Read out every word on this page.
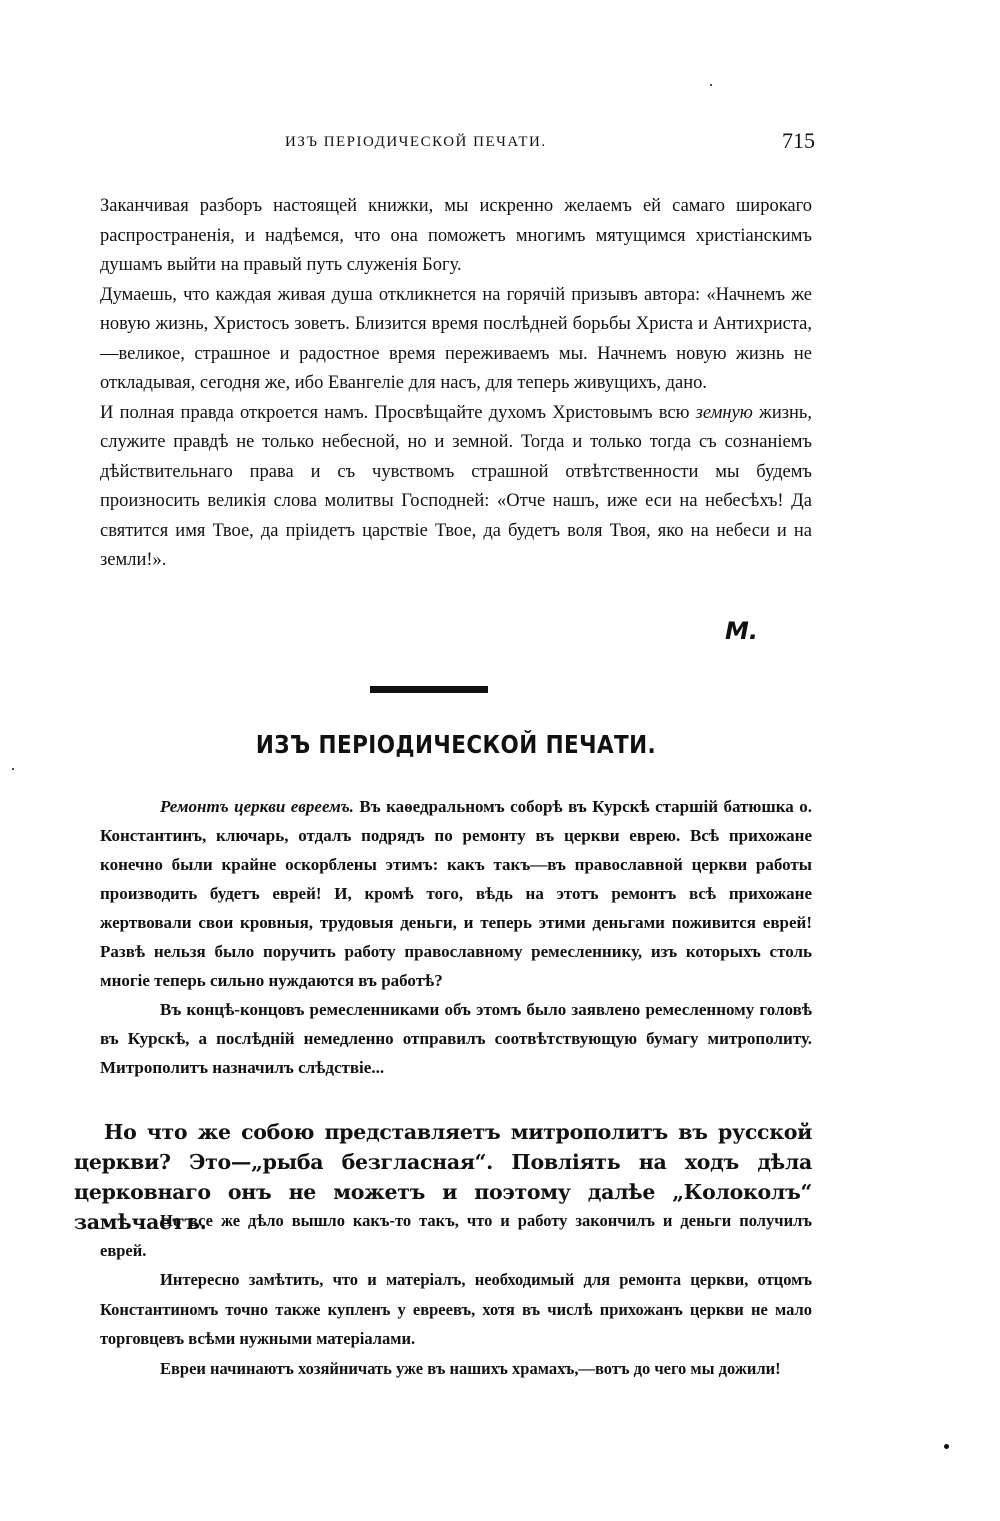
ИЗЪ ПЕРІОДИЧЕСКОЙ ПЕЧАТИ.	715

Заканчивая разборъ настоящей книжки, мы искренно желаемъ ей самаго широкаго распространенія, и надѣемся, что она поможетъ многимъ мятущимся христіанскимъ душамъ выйти на правый путь служенія Богу.

Думаешь, что каждая живая душа откликнется на горячій призывъ автора: «Начнемъ же новую жизнь, Христосъ зоветъ. Близится время послѣдней борьбы Христа и Антихриста,—великое, страшное и радостное время переживаемъ мы. Начнемъ новую жизнь не откладывая, сегодня же, ибо Евангеліе для насъ, для теперь живущихъ, дано.

И полная правда откроется намъ. Просвѣщайте духомъ Христовымъ всю земную жизнь, служите правдѣ не только небесной, но и земной. Тогда и только тогда съ сознаніемъ дѣйствительнаго права и съ чувствомъ страшной отвѣтственности мы будемъ произносить великія слова молитвы Господней: «Отче нашъ, иже еси на небесѣхъ! Да святится имя Твое, да пріидетъ царствіе Твое, да будетъ воля Твоя, яко на небеси и на земли!».

М.
ИЗЪ ПЕРІОДИЧЕСКОЙ ПЕЧАТИ.

Ремонтъ церкви евреемъ. Въ каѳедральномъ соборѣ въ Курскѣ старшій батюшка о. Константинъ, ключарь, отдалъ подрядъ по ремонту въ церкви еврею. Всѣ прихожане конечно были крайне оскорблены этимъ: какъ такъ—въ православной церкви работы производить будетъ еврей! И, кромѣ того, вѣдь на этотъ ремонтъ всѣ прихожане жертвовали свои кровныя, трудовыя деньги, и теперь этими деньгами поживится еврей! Развѣ нельзя было поручить работу православному ремесленнику, изъ которыхъ столь многіе теперь сильно нуждаются въ работѣ?

Въ концѣ-концовъ ремесленниками объ этомъ было заявлено ремесленному головѣ въ Курскѣ, а послѣдній немедленно отправилъ соотвѣтствующую бумагу митрополиту. Митрополитъ назначилъ слѣдствіе...

Но что же собою представляетъ митрополитъ въ русской церкви? Это—„рыба безгласная“. Повліять на ходъ дѣла церковнаго онъ не можетъ и поэтому далѣе „Колоколъ“ замѣчаетъ.

Но все же дѣло вышло какъ-то такъ, что и работу закончилъ и деньги получилъ еврей.

Интересно замѣтить, что и матеріалъ, необходимый для ремонта церкви, отцомъ Константиномъ точно также купленъ у евреевъ, хотя въ числѣ прихожанъ церкви не мало торговцевъ всѣми нужными матеріалами.

Евреи начинаютъ хозяйничать уже въ нашихъ храмахъ,—вотъ до чего мы дожили!
